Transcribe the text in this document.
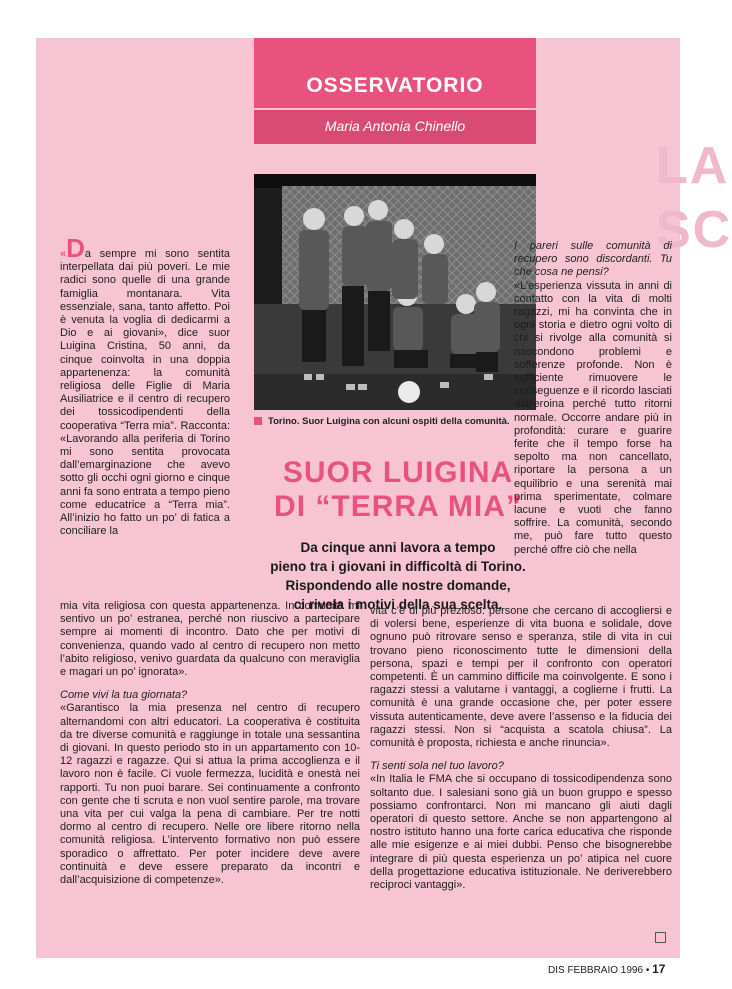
LA
SC
OSSERVATORIO
Maria Antonia Chinello
Torino. Suor Luigina con alcuni ospiti della comunità.
SUOR LUIGINA
DI “TERRA MIA”
Da cinque anni lavora a tempo
pieno tra i giovani in difficoltà di Torino.
Rispondendo alle nostre domande,
ci rivela i motivi della sua scelta.
«Da sempre mi sono sentita interpellata dai più poveri. Le mie radici sono quelle di una grande famiglia montanara. Vita essenziale, sana, tanto affetto. Poi è venuta la voglia di dedicarmi a Dio e ai giovani», dice suor Luigina Cristina, 50 anni, da cinque coinvolta in una doppia appartenenza: la comunità religiosa delle Figlie di Maria Ausiliatrice e il centro di recupero dei tossicodipendenti della cooperativa “Terra mia”. Racconta: «Lavorando alla periferia di Torino mi sono sentita provocata dall’emarginazione che avevo sotto gli occhi ogni giorno e cinque anni fa sono entrata a tempo pieno come educatrice a “Terra mia”. All’inizio ho fatto un po’ di fatica a conciliare la

mia vita religiosa con questa appartenenza. In comunità mi sentivo un po’ estranea, perché non riuscivo a partecipare sempre ai momenti di incontro. Dato che per motivi di convenienza, quando vado al centro di recupero non metto l’abito religioso, venivo guardata da qualcuno con meraviglia e magari un po’ ignorata».

Come vivi la tua giornata?

«Garantisco la mia presenza nel centro di recupero alternandomi con altri educatori. La cooperativa è costituita da tre diverse comunità e raggiunge in totale una sessantina di giovani. In questo periodo sto in un appartamento con 10-12 ragazzi e ragazze. Qui si attua la prima accoglienza e il lavoro non è facile. Ci vuole fermezza, lucidità e onestà nei rapporti. Tu non puoi barare. Sei continuamente a confronto con gente che ti scruta e non vuol sentire parole, ma trovare una vita per cui valga la pena di cambiare. Per tre notti dormo al centro di recupero. Nelle ore libere ritorno nella comunità religiosa. L’intervento formativo non può essere sporadico o affrettato. Per poter incidere deve avere continuità e deve essere preparato da incontri e dall’acquisizione di competenze».

I pareri sulle comunità di recupero sono discordanti. Tu che cosa ne pensi?

«L’esperienza vissuta in anni di contatto con la vita di molti ragazzi, mi ha convinta che in ogni storia e dietro ogni volto di chi si rivolge alla comunità si nascondono problemi e sofferenze profonde. Non è sufficiente rimuovere le conseguenze e il ricordo lasciati dall’eroina perché tutto ritorni normale. Occorre andare più in profondità: curare e guarire ferite che il tempo forse ha sepolto ma non cancellato, riportare la persona a un equilibrio e una serenità mai prima sperimentate, colmare lacune e vuoti che fanno soffrire. La comunità, secondo me, può fare tutto questo perché offre ciò che nella

vita c’è di più prezioso: persone che cercano di accogliersi e di volersi bene, esperienze di vita buona e solidale, dove ognuno può ritrovare senso e speranza, stile di vita in cui trovano pieno riconoscimento tutte le dimensioni della persona, spazi e tempi per il confronto con operatori competenti. È un cammino difficile ma coinvolgente. E sono i ragazzi stessi a valutarne i vantaggi, a coglierne i frutti. La comunità è una grande occasione che, per poter essere vissuta autenticamente, deve avere l’assenso e la fiducia dei ragazzi stessi. Non si “acquista a scatola chiusa”. La comunità è proposta, richiesta e anche rinuncia».

Ti senti sola nel tuo lavoro?

«In Italia le FMA che si occupano di tossicodipendenza sono soltanto due. I salesiani sono già un buon gruppo e spesso possiamo confrontarci. Non mi mancano gli aiuti dagli operatori di questo settore. Anche se non appartengono al nostro istituto hanno una forte carica educativa che risponde alle mie esigenze e ai miei dubbi. Penso che bisognerebbe integrare di più questa esperienza un po’ atipica nel cuore della progettazione educativa istituzionale. Ne deriverebbero reciproci vantaggi».

DIS FEBBRAIO 1996 • 17
